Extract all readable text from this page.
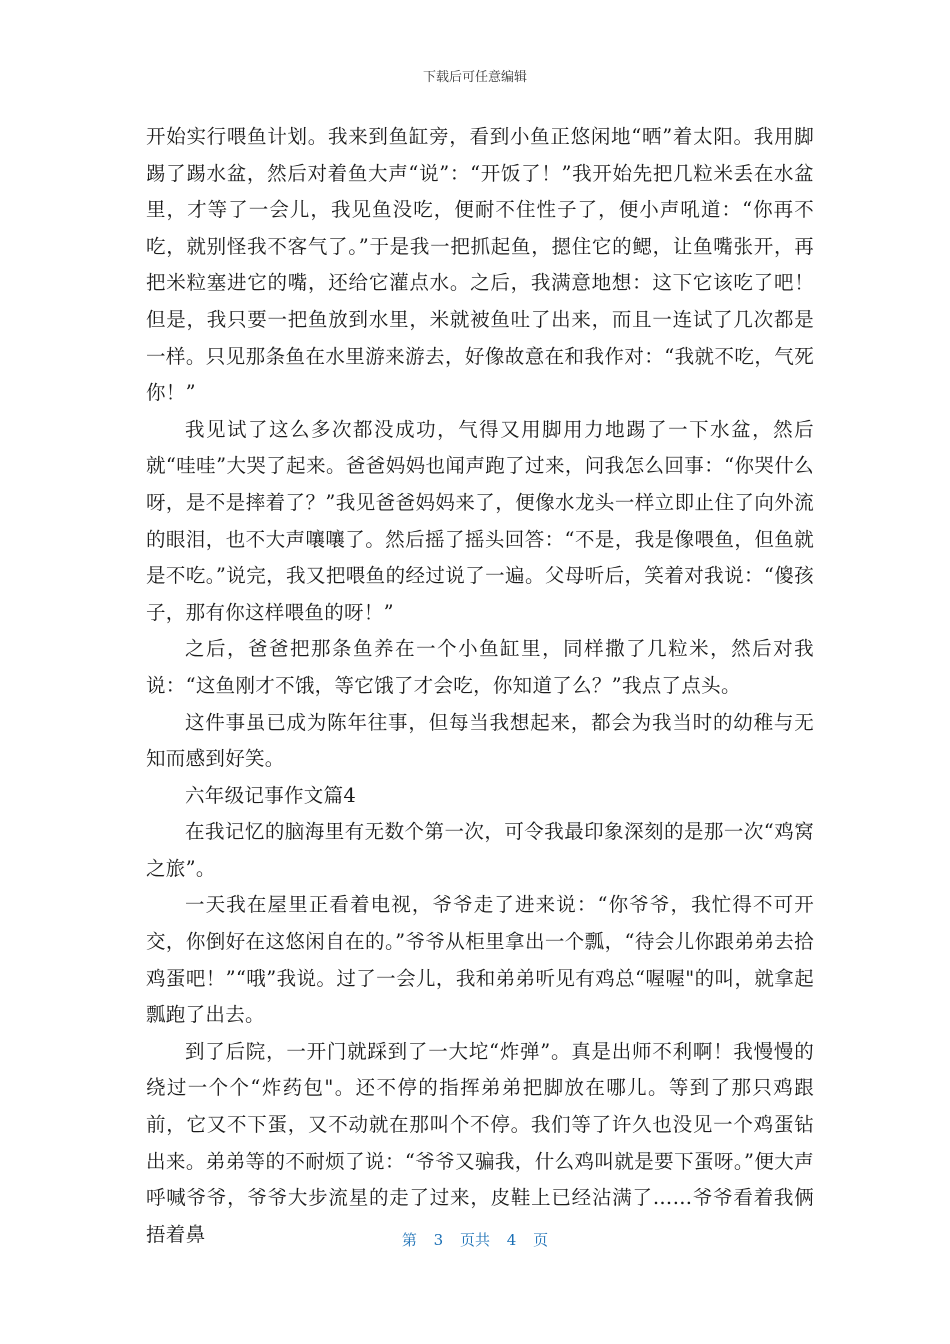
下载后可任意编辑

开始实行喂鱼计划。我来到鱼缸旁，看到小鱼正悠闲地“晒”着太阳。我用脚踢了踢水盆，然后对着鱼大声“说”：“开饭了！”我开始先把几粒米丢在水盆里，才等了一会儿，我见鱼没吃，便耐不住性子了，便小声吼道：“你再不吃，就别怪我不客气了。”于是我一把抓起鱼，摁住它的鳃，让鱼嘴张开，再把米粒塞进它的嘴，还给它灌点水。之后，我满意地想：这下它该吃了吧！但是，我只要一把鱼放到水里，米就被鱼吐了出来，而且一连试了几次都是一样。只见那条鱼在水里游来游去，好像故意在和我作对：“我就不吃，气死你！”

我见试了这么多次都没成功，气得又用脚用力地踢了一下水盆，然后就“哇哇”大哭了起来。爸爸妈妈也闻声跑了过来，问我怎么回事：“你哭什么呀，是不是摔着了？”我见爸爸妈妈来了，便像水龙头一样立即止住了向外流的眼泪，也不大声嚷嚷了。然后摇了摇头回答：“不是，我是像喂鱼，但鱼就是不吃。”说完，我又把喂鱼的经过说了一遍。父母听后，笑着对我说：“傻孩子，那有你这样喂鱼的呀！”

之后，爸爸把那条鱼养在一个小鱼缸里，同样撒了几粒米，然后对我说：“这鱼刚才不饿，等它饿了才会吃，你知道了么？”我点了点头。

这件事虽已成为陈年往事，但每当我想起来，都会为我当时的幼稚与无知而感到好笑。

六年级记事作文篇4

在我记忆的脑海里有无数个第一次，可令我最印象深刻的是那一次“鸡窝之旅”。

一天我在屋里正看着电视，爷爷走了进来说：“你爷爷，我忙得不可开交，你倒好在这悠闲自在的。”爷爷从柜里拿出一个瓢，“待会儿你跟弟弟去拾鸡蛋吧！”“哦”我说。过了一会儿，我和弟弟听见有鸡总“喔喔"的叫，就拿起瓢跑了出去。

到了后院，一开门就踩到了一大坨“炸弹”。真是出师不利啊！我慢慢的绕过一个个“炸药包"。还不停的指挥弟弟把脚放在哪儿。等到了那只鸡跟前，它又不下蛋，又不动就在那叫个不停。我们等了许久也没见一个鸡蛋钻出来。弟弟等的不耐烦了说：“爷爷又骗我，什么鸡叫就是要下蛋呀。”便大声呼喊爷爷，爷爷大步流星的走了过来，皮鞋上已经沾满了……爷爷看着我俩捂着鼻	第 3 页共 4 页
